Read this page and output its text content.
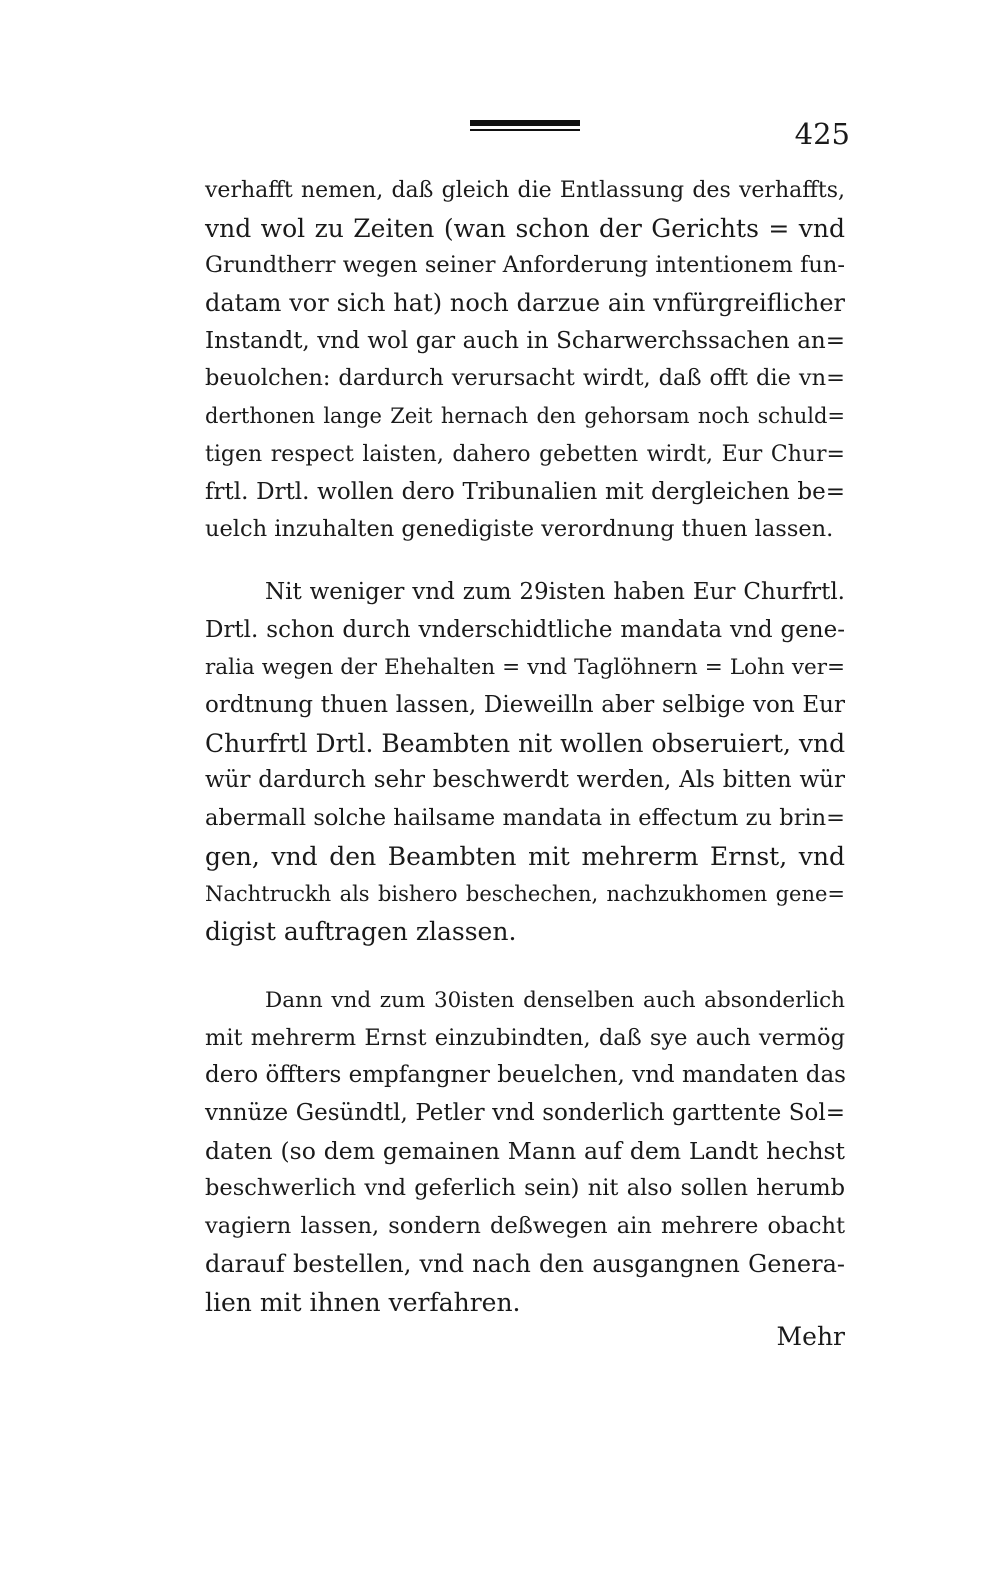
425
verhafft nemen, daß gleich die Entlassung des verhaffts,
vnd wol zu Zeiten (wan schon der Gerichts = vnd
Grundtherr wegen seiner Anforderung intentionem fun-
datam vor sich hat) noch darzue ain vnfürgreiflicher
Instandt, vnd wol gar auch in Scharwerchssachen an=
beuolchen: dardurch verursacht wirdt, daß offt die vn=
derthonen lange Zeit hernach den gehorsam noch schuld=
tigen respect laisten, dahero gebetten wirdt, Eur Chur=
frtl. Drtl. wollen dero Tribunalien mit dergleichen be=
uelch inzuhalten genedigiste verordnung thuen lassen.
Nit weniger vnd zum 29isten haben Eur Churfrtl.
Drtl. schon durch vnderschidtliche mandata vnd gene-
ralia wegen der Ehehalten = vnd Taglöhnern = Lohn ver=
ordtnung thuen lassen, Dieweilln aber selbige von Eur
Churfrtl Drtl. Beambten nit wollen obseruiert, vnd
wür dardurch sehr beschwerdt werden, Als bitten wür
abermall solche hailsame mandata in effectum zu brin=
gen, vnd den Beambten mit mehrerm Ernst, vnd
Nachtruckh als bishero beschechen, nachzukhomen gene=
digist auftragen zlassen.
Dann vnd zum 30isten denselben auch absonderlich
mit mehrerm Ernst einzubindten, daß sye auch vermög
dero öffters empfangner beuelchen, vnd mandaten das
vnnüze Gesündtl, Petler vnd sonderlich garttente Sol=
daten (so dem gemainen Mann auf dem Landt hechst
beschwerlich vnd geferlich sein) nit also sollen herumb
vagiern lassen, sondern deßwegen ain mehrere obacht
darauf bestellen, vnd nach den ausgangnen Genera-
lien mit ihnen verfahren.
Mehr
